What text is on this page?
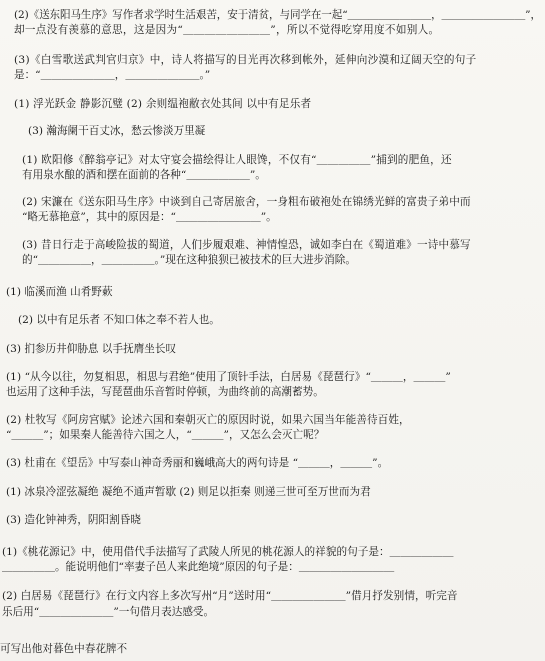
(2)《送东阳马生序》写作者求学时生活艰苦，安于清贫，与同学在一起“＿＿＿＿＿＿＿＿，＿＿＿＿＿＿＿＿”，
却一点没有羡慕的意思，这是因为“＿＿＿＿＿＿＿＿”，所以不觉得吃穿用度不如别人。
(3)《白雪歌送武判官归京》中，诗人将描写的目光再次移到帐外，延伸向沙漠和辽阔天空的句子
是：“＿＿＿＿＿＿＿，＿＿＿＿＿＿＿。”
(1) 浮光跃金 静影沉璧 (2) 余则缊袍敝衣处其间 以中有足乐者
(3) 瀚海阑干百丈冰，愁云惨淡万里凝
(1) 欧阳修《醉翁亭记》对太守宴会描绘得让人眼馋，不仅有“＿＿＿＿＿”捕到的肥鱼，还
有用泉水酿的酒和摆在面前的各种“＿＿＿＿＿＿”。
(2) 宋濂在《送东阳马生序》中谈到自己寄居旅舍，一身粗布破袍处在锦绣光鲜的富贵子弟中而
“略无慕艳意”，其中的原因是：“＿＿＿＿＿＿＿＿”。
(3) 昔日行走于高峻险拔的蜀道，人们步履艰难、神情惶恐，诚如李白在《蜀道难》一诗中慕写
的“＿＿＿＿＿，＿＿＿＿＿。”现在这种狼狈已被技术的巨大进步消除。
(1) 临溪而渔 山肴野蔌
(2) 以中有足乐者 不知口体之奉不若人也。
(3) 扪参历井仰胁息 以手抚膺坐长叹
(1) “从今以往，勿复相思，相思与君绝”使用了顶针手法，白居易《琵琶行》“＿＿＿，＿＿＿”
也运用了这种手法，写琵琶曲乐音暂时停顿，为曲终前的高潮蓄势。
(2) 杜牧写《阿房宫赋》论述六国和秦朝灭亡的原因时说，如果六国当年能善待百姓，
“＿＿＿”；如果秦人能善待六国之人，“＿＿＿”，又怎么会灭亡呢？
(3) 杜甫在《望岳》中写泰山神奇秀丽和巍峨高大的两句诗是 “＿＿＿，＿＿＿”。
(1) 冰泉冷涩弦凝绝 凝绝不通声暂歇 (2) 则足以拒秦 则递三世可至万世而为君
(3) 造化钟神秀，阴阳割昏晓
(1)《桃花源记》中，使用借代手法描写了武陵人所见的桃花源人的祥貌的句子是：＿＿＿＿＿＿
＿＿＿＿＿。能说明他们“率妻子邑人来此绝境”原因的句子是：＿＿＿＿＿＿＿＿＿
(2) 白居易《琵琶行》在行文内容上多次写州“月”送时用“＿＿＿＿＿＿＿”借月抒发别情，听完音
乐后用“＿＿＿＿＿＿＿”一句借月表达感受。
可写出他对暮色中春花牌不
